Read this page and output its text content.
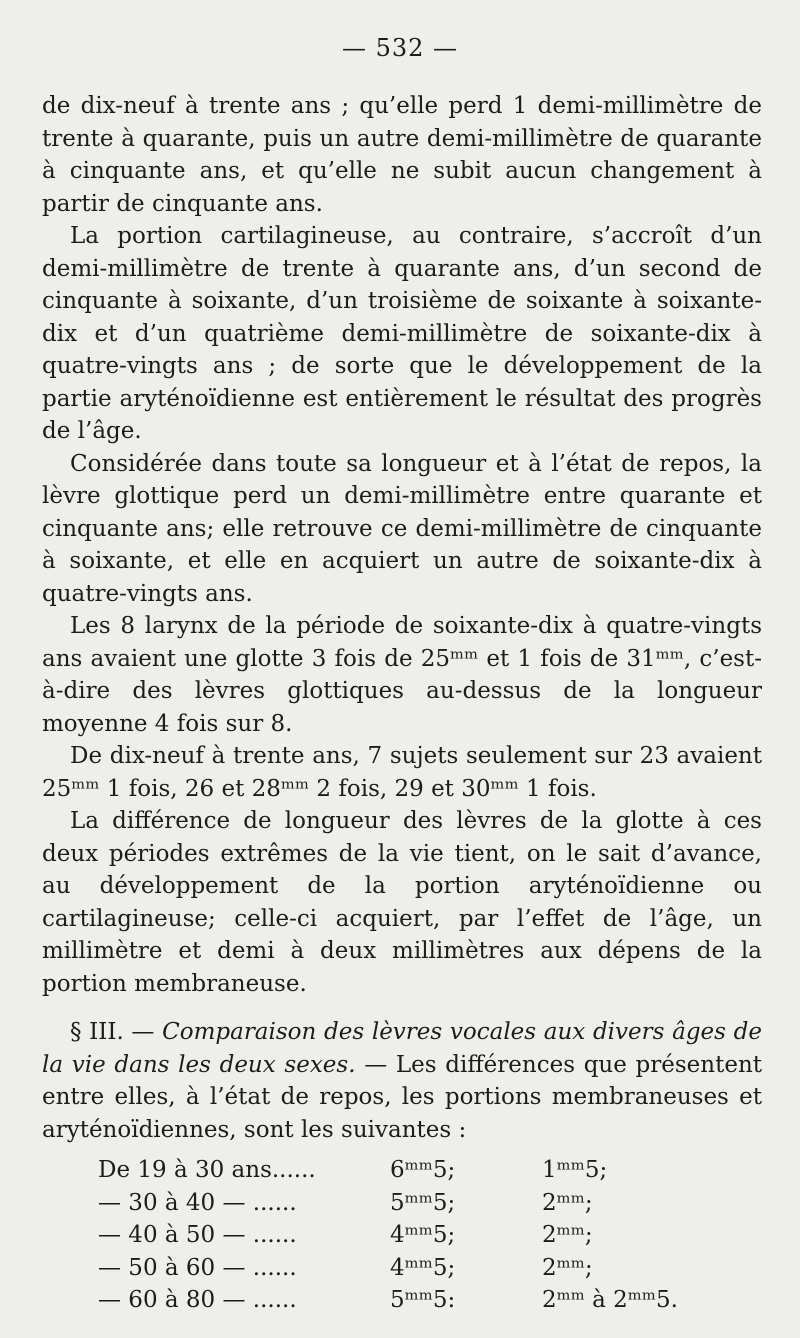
— 532 —

de dix-neuf à trente ans ; qu’elle perd 1 demi-millimètre de trente à quarante, puis un autre demi-millimètre de quarante à cinquante ans, et qu’elle ne subit aucun changement à partir de cinquante ans.

La portion cartilagineuse, au contraire, s’accroît d’un demi-millimètre de trente à quarante ans, d’un second de cinquante à soixante, d’un troisième de soixante à soixante-dix et d’un quatrième demi-millimètre de soixante-dix à quatre-vingts ans ; de sorte que le développement de la partie aryténoïdienne est entièrement le résultat des progrès de l’âge.

Considérée dans toute sa longueur et à l’état de repos, la lèvre glottique perd un demi-millimètre entre quarante et cinquante ans; elle retrouve ce demi-millimètre de cinquante à soixante, et elle en acquiert un autre de soixante-dix à quatre-vingts ans.

Les 8 larynx de la période de soixante-dix à quatre-vingts ans avaient une glotte 3 fois de 25ᵐᵐ et 1 fois de 31ᵐᵐ, c’est-à-dire des lèvres glottiques au-dessus de la longueur moyenne 4 fois sur 8.

De dix-neuf à trente ans, 7 sujets seulement sur 23 avaient 25ᵐᵐ 1 fois, 26 et 28ᵐᵐ 2 fois, 29 et 30ᵐᵐ 1 fois.

La différence de longueur des lèvres de la glotte à ces deux périodes extrêmes de la vie tient, on le sait d’avance, au développement de la portion aryténoïdienne ou cartilagineuse; celle-ci acquiert, par l’effet de l’âge, un millimètre et demi à deux millimètres aux dépens de la portion membraneuse.

§ III. — Comparaison des lèvres vocales aux divers âges de la vie dans les deux sexes. — Les différences que présentent entre elles, à l’état de repos, les portions membraneuses et aryténoïdiennes, sont les suivantes :

De 19 à 30 ans......	6ᵐᵐ5;	1ᵐᵐ5;
— 30 à 40 — ......	5ᵐᵐ5;	2ᵐᵐ;
— 40 à 50 — ......	4ᵐᵐ5;	2ᵐᵐ;
— 50 à 60 — ......	4ᵐᵐ5;	2ᵐᵐ;
— 60 à 80 — ......	5ᵐᵐ5:	2ᵐᵐ à 2ᵐᵐ5.
